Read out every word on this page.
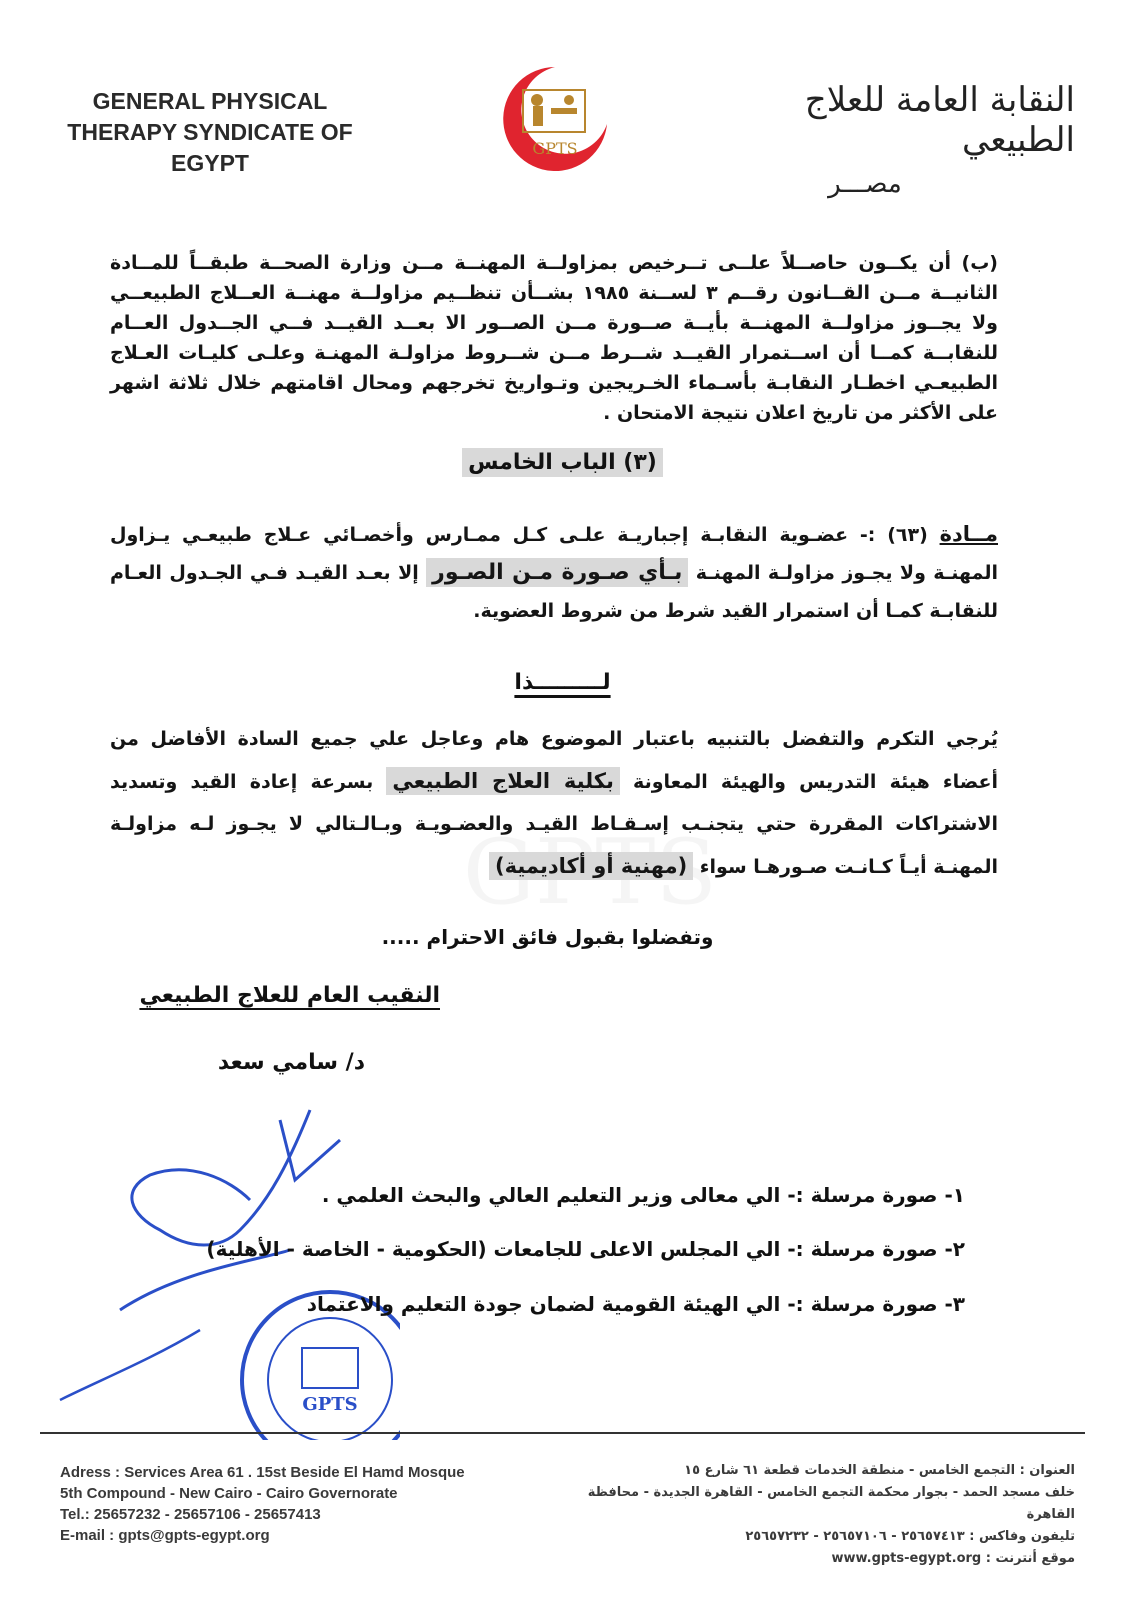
GENERAL PHYSICAL
THERAPY SYNDICATE OF
EGYPT
GPTS
النقابة العامة للعلاج الطبيعي
مصـــر
(ب) أن يكــون حاصــلاً علــى تــرخيص بمزاولــة المهنــة مــن وزارة الصحــة طبقــاً للمــادة الثانيــة مــن القــانون رقــم ٣ لســنة ١٩٨٥ بشــأن تنظــيم مزاولــة مهنــة العــلاج الطبيعــي ولا يجــوز مزاولــة المهنــة بأيــة صــورة مــن الصــور الا بعــد القيــد فــي الجــدول العــام للنقابــة كمــا أن اســتمرار القيــد شــرط مــن شــروط مزاولـة المهنـة وعلـى كليـات العـلاج الطبيعـي اخطـار النقابـة بأسـماء الخـريجين وتـواريخ تخرجهم ومحال اقامتهم خلال ثلاثة اشهر على الأكثر من تاريخ اعلان نتيجة الامتحان .
(٣) الباب الخامس
مــادة (٦٣) :- عضـوية النقابـة إجباريـة علـى كـل ممـارس وأخصـائي عـلاج طبيعـي يـزاول المهنـة ولا يجـوز مزاولـة المهنـة بـأي صـورة مـن الصـور إلا بعـد القيـد فـي الجـدول العـام للنقابـة كمـا أن استمرار القيد شرط من شروط العضوية.
لـــــــــذا
يُرجي التكرم والتفضل بالتنبيه باعتبار الموضوع هام وعاجل علي جميع السادة الأفاضل من أعضاء هيئة التدريس والهيئة المعاونة بكلية العلاج الطبيعي بسرعة إعادة القيد وتسديد الاشتراكات المقررة حتي يتجنـب إسـقـاط القيـد والعضـويـة وبـالـتالي لا يجـوز لـه مزاولـة المهنـة أيـاً كـانـت صـورهـا سواء (مهنية أو أكاديمية)
وتفضلوا بقبول فائق الاحترام .....
النقيب العام للعلاج الطبيعي
د/ سامي سعد
GPTS
١- صورة مرسلة :- الي معالى وزير التعليم العالي والبحث العلمي .
٢- صورة مرسلة :- الي المجلس الاعلى للجامعات (الحكومية - الخاصة - الأهلية)
٣- صورة مرسلة :- الي الهيئة القومية لضمان جودة التعليم والاعتماد
Adress : Services Area 61 . 15st Beside El Hamd Mosque
5th Compound - New Cairo - Cairo Governorate
Tel.: 25657232 - 25657106 - 25657413
E-mail : gpts@gpts-egypt.org
العنوان : التجمع الخامس - منطقة الخدمات قطعة ٦١ شارع ١٥
خلف مسجد الحمد - بجوار محكمة التجمع الخامس - القاهرة الجديدة - محافظة القاهرة
تليفون وفاكس : ٢٥٦٥٧٤١٣ - ٢٥٦٥٧١٠٦ - ٢٥٦٥٧٢٣٢
موقع أنترنت : www.gpts-egypt.org
